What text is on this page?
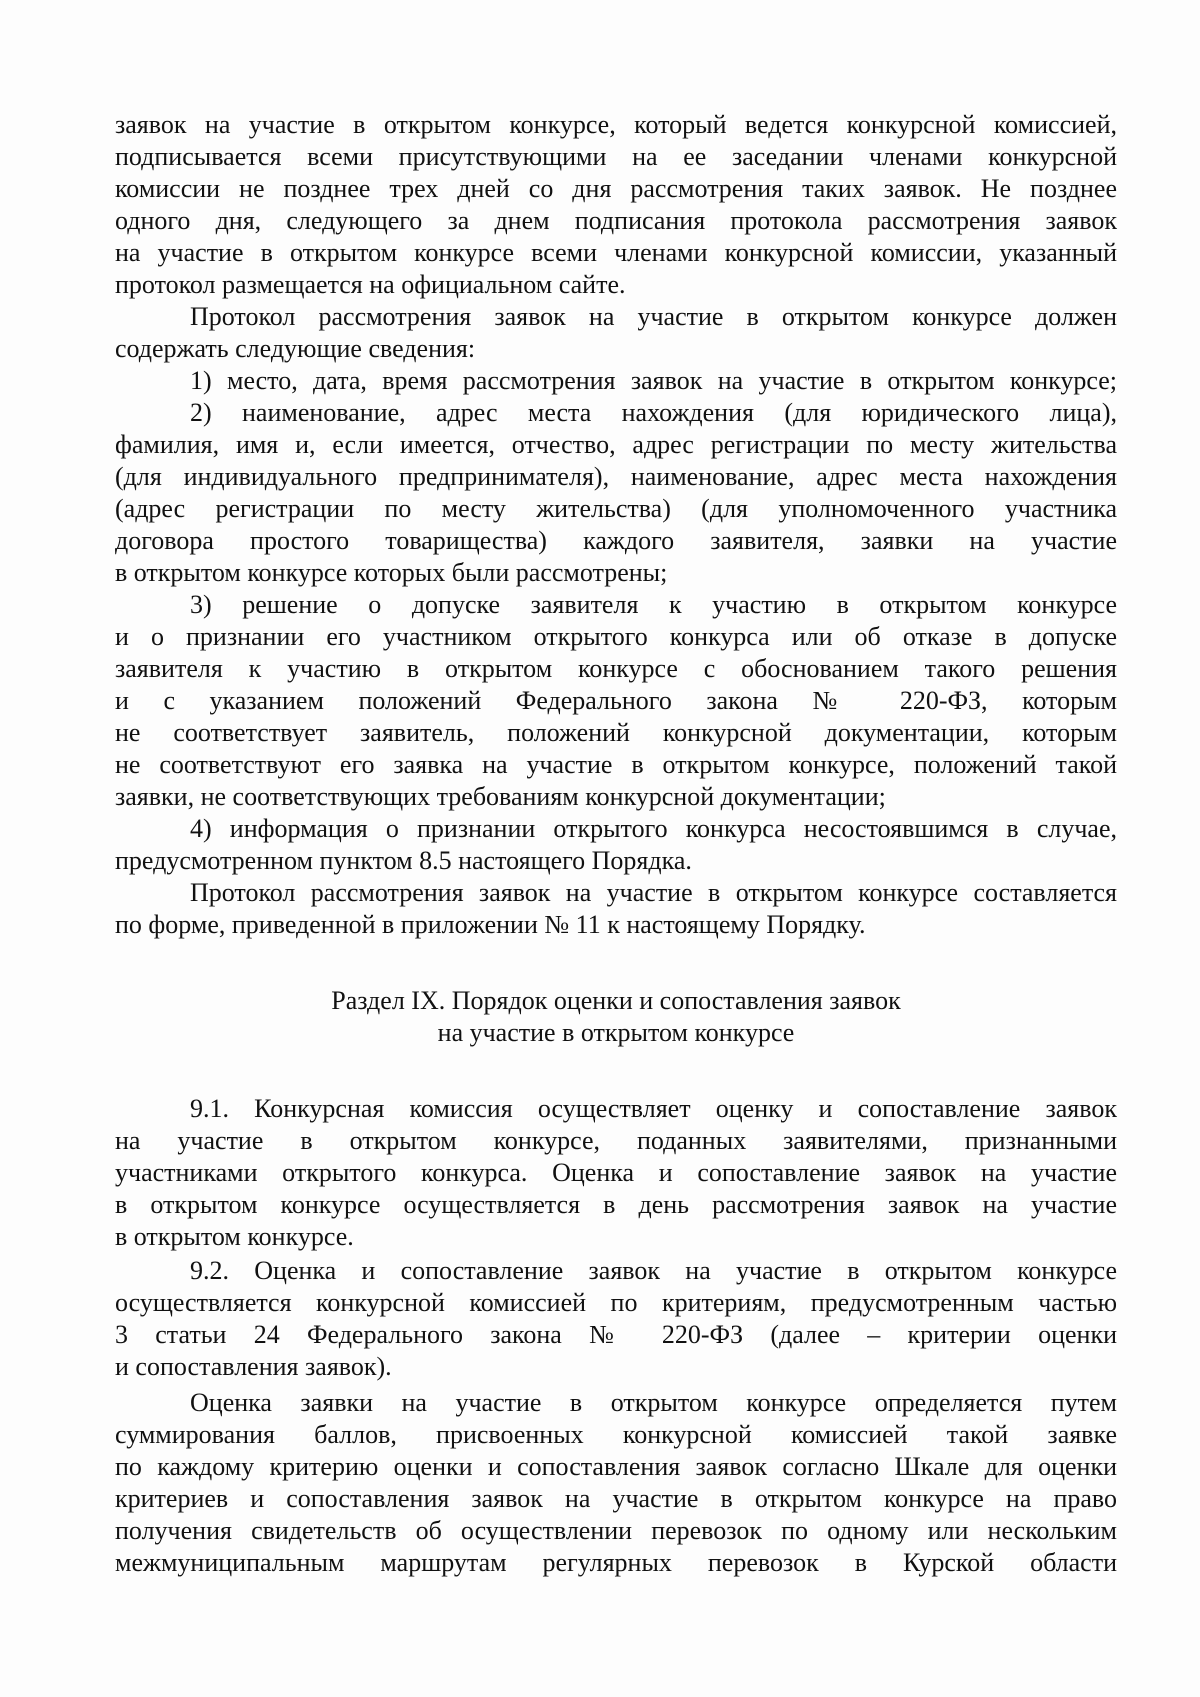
заявок на участие в открытом конкурсе, который ведется конкурсной комиссией,
подписывается всеми присутствующими на ее заседании членами конкурсной
комиссии не позднее трех дней со дня рассмотрения таких заявок. Не позднее
одного дня, следующего за днем подписания протокола рассмотрения заявок
на участие в открытом конкурсе всеми членами конкурсной комиссии, указанный
протокол размещается на официальном сайте.
Протокол рассмотрения заявок на участие в открытом конкурсе должен
содержать следующие сведения:
1) место, дата, время рассмотрения заявок на участие в открытом конкурсе;
2) наименование, адрес места нахождения (для юридического лица),
фамилия, имя и, если имеется, отчество, адрес регистрации по месту жительства
(для индивидуального предпринимателя), наименование, адрес места нахождения
(адрес регистрации по месту жительства) (для уполномоченного участника
договора простого товарищества) каждого заявителя, заявки на участие
в открытом конкурсе которых были рассмотрены;
3) решение о допуске заявителя к участию в открытом конкурсе
и о признании его участником открытого конкурса или об отказе в допуске
заявителя к участию в открытом конкурсе с обоснованием такого решения
и с указанием положений Федерального закона № 220-ФЗ, которым
не соответствует заявитель, положений конкурсной документации, которым
не соответствуют его заявка на участие в открытом конкурсе, положений такой
заявки, не соответствующих требованиям конкурсной документации;
4) информация о признании открытого конкурса несостоявшимся в случае,
предусмотренном пунктом 8.5 настоящего Порядка.
Протокол рассмотрения заявок на участие в открытом конкурсе составляется
по форме, приведенной в приложении № 11 к настоящему Порядку.
Раздел IX. Порядок оценки и сопоставления заявок
на участие в открытом конкурсе
9.1. Конкурсная комиссия осуществляет оценку и сопоставление заявок
на участие в открытом конкурсе, поданных заявителями, признанными
участниками открытого конкурса. Оценка и сопоставление заявок на участие
в открытом конкурсе осуществляется в день рассмотрения заявок на участие
в открытом конкурсе.
9.2. Оценка и сопоставление заявок на участие в открытом конкурсе
осуществляется конкурсной комиссией по критериям, предусмотренным частью
3 статьи 24 Федерального закона № 220-ФЗ (далее – критерии оценки
и сопоставления заявок).
Оценка заявки на участие в открытом конкурсе определяется путем
суммирования баллов, присвоенных конкурсной комиссией такой заявке
по каждому критерию оценки и сопоставления заявок согласно Шкале для оценки
критериев и сопоставления заявок на участие в открытом конкурсе на право
получения свидетельств об осуществлении перевозок по одному или нескольким
межмуниципальным маршрутам регулярных перевозок в Курской области
